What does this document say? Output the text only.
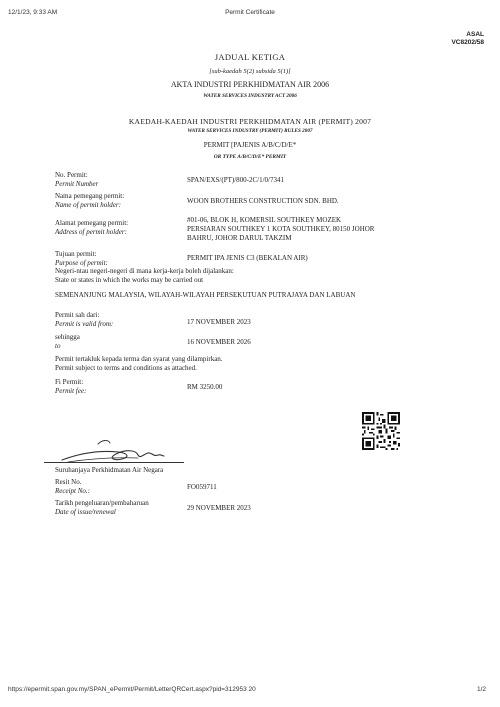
12/1/23, 9:33 AM	Permit Certificate
ASAL
VC8202/58
JADUAL KETIGA
[sub-kaedah 5(2) subsida 5(1)]
AKTA INDUSTRI PERKHIDMATAN AIR 2006
WATER SERVICES INDUSTRY ACT 2006
KAEDAH-KAEDAH INDUSTRI PERKHIDMATAN AIR (PERMIT) 2007
WATER SERVICES INDUSTRY (PERMIT) RULES 2007
PERMIT [PAJENIS A/B/C/D/E*
OR TYPE A/B/C/D/E* PERMIT
No. Permit:
Permit Number	SPAN/EXS/(PT)/800-2C/1/0/7341
Nama pemegang permit:
Name of permit holder:	WOON BROTHERS CONSTRUCTION SDN. BHD.
Alamat pemegang permit:
Address of permit holder:
#01-06, BLOK H, KOMERSIL SOUTHKEY MOZEK
PERSIARAN SOUTHKEY 1 KOTA SOUTHKEY, 80150 JOHOR
BAHRU, JOHOR DARUL TAKZIM
Tujuan permit:
Purpose of permit:
PERMIT IPA JENIS C3 (BEKALAN AIR)
Negeri-ntau negeri-negeri di mana kerja-kerja boleh dijalankan:
State or states in which the works may be carried out
SEMENANJUNG MALAYSIA, WILAYAH-WILAYAH PERSEKUTUAN PUTRAJAYA DAN LABUAN
Permit sah dari:
Permit is valid from:	17 NOVEMBER 2023
sehingga
to	16 NOVEMBER 2026
Permit tertakluk kepada terma dan syarat yang dilampirkan.
Permit subject to terms and conditions as attached.
Fi Permit:
Permit fee:	RM 3250.00
Suruhanjaya Perkhidmatan Air Negara
Resit No.
Receipt No.:	FO059711
Tarikh pengeluaran/pembaharuan
Date of issue/renewal	29 NOVEMBER 2023
https://epermit.span.gov.my/SPAN_ePermit/Permit/LetterQRCert.aspx?pid=312953 20	1/2
